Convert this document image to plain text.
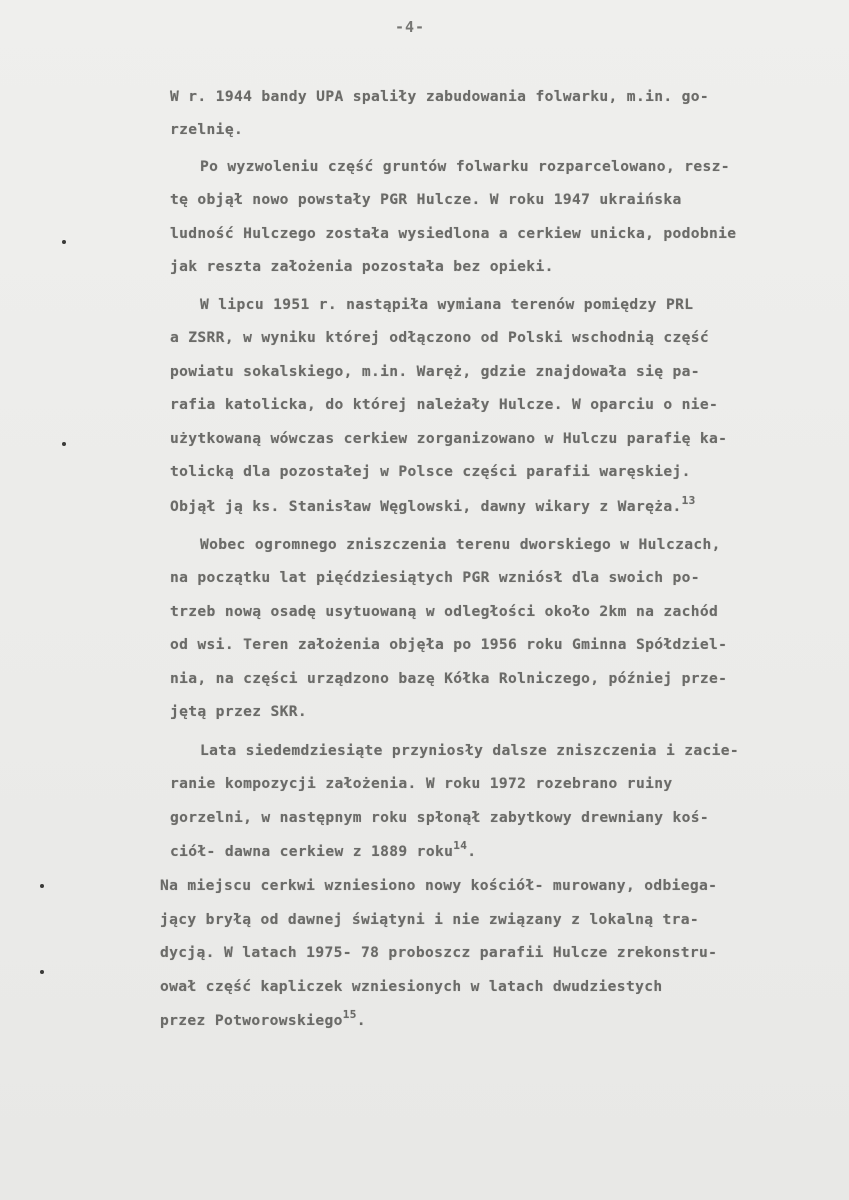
-4-
W r. 1944 bandy UPA spaliły zabudowania folwarku, m.in. go-
rzelnię.
Po wyzwoleniu część gruntów folwarku rozparcelowano, resz-
tę objął nowo powstały PGR Hulcze. W roku 1947 ukraińska
ludność Hulczego została wysiedlona a cerkiew unicka, podobnie
jak reszta założenia pozostała bez opieki.
W lipcu 1951 r. nastąpiła wymiana terenów pomiędzy PRL
a ZSRR, w wyniku której odłączono od Polski wschodnią część
powiatu sokalskiego, m.in. Waręż, gdzie znajdowała się pa-
rafia katolicka, do której należały Hulcze. W oparciu o nie-
użytkowaną wówczas cerkiew zorganizowano w Hulczu parafię ka-
tolicką dla pozostałej w Polsce części parafii waręskiej.
Objął ją ks. Stanisław Węglowski, dawny wikary z Waręża.$^{13}$
Wobec ogromnego zniszczenia terenu dworskiego w Hulczach,
na początku lat pięćdziesiątych PGR wzniósł dla swoich po-
trzeb nową osadę usytuowaną w odległości około 2km na zachód
od wsi. Teren założenia objęła po 1956 roku Gminna Spółdziel-
nia, na części urządzono bazę Kółka Rolniczego, później prze-
jętą przez SKR.
Lata siedemdziesiąte przyniosły dalsze zniszczenia i zacie-
ranie kompozycji założenia. W roku 1972 rozebrano ruiny
gorzelni, w następnym roku spłonął zabytkowy drewniany koś-
ciół- dawna cerkiew z 1889 roku$^{14}$.
Na miejscu cerkwi wzniesiono nowy kościół- murowany, odbiega-
jący bryłą od dawnej świątyni i nie związany z lokalną tra-
dycją. W latach 1975- 78 proboszcz parafii Hulcze zrekonstru-
ował część kapliczek wzniesionych w latach dwudziestych
przez Potworowskiego$^{15}$.
